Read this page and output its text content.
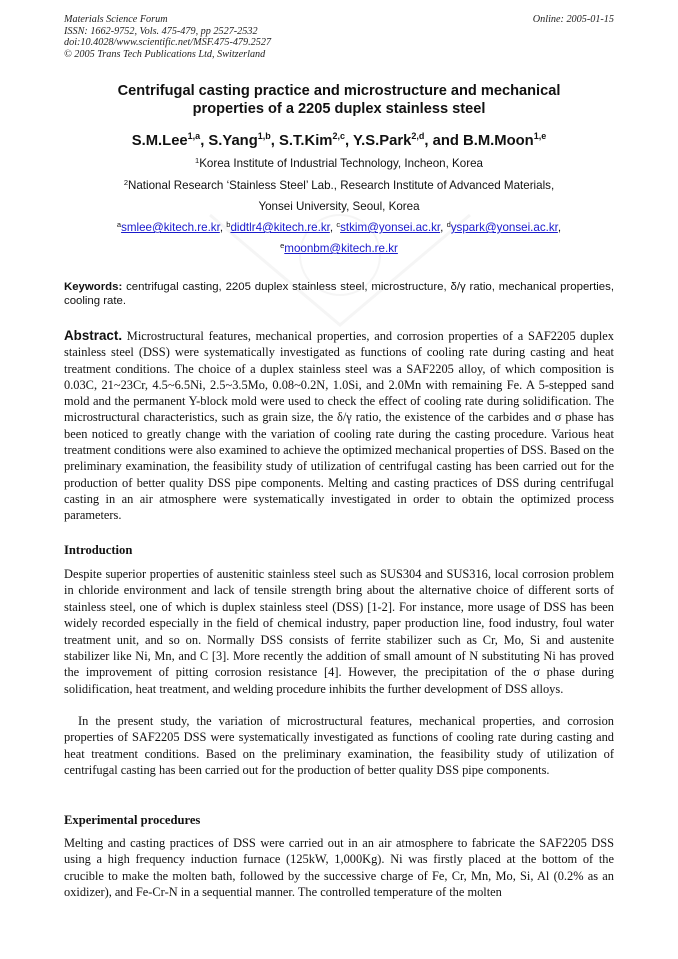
Materials Science Forum
ISSN: 1662-9752, Vols. 475-479, pp 2527-2532
doi:10.4028/www.scientific.net/MSF.475-479.2527
© 2005 Trans Tech Publications Ltd, Switzerland
Online: 2005-01-15
Centrifugal casting practice and microstructure and mechanical
properties of a 2205 duplex stainless steel
S.M.Lee$^{1,a}$, S.Yang$^{1,b}$, S.T.Kim$^{2,c}$, Y.S.Park$^{2,d}$, and B.M.Moon$^{1,e}$
$^1$Korea Institute of Industrial Technology, Incheon, Korea
$^2$National Research ‘Stainless Steel’ Lab., Research Institute of Advanced Materials,
Yonsei University, Seoul, Korea
$^a$smlee@kitech.re.kr, $^b$didtlr4@kitech.re.kr, $^c$stkim@yonsei.ac.kr, $^d$yspark@yonsei.ac.kr,
$^e$moonbm@kitech.re.kr
Keywords: centrifugal casting, 2205 duplex stainless steel, microstructure, δ/γ ratio, mechanical properties, cooling rate.
Abstract. Microstructural features, mechanical properties, and corrosion properties of a SAF2205 duplex stainless steel (DSS) were systematically investigated as functions of cooling rate during casting and heat treatment conditions. The choice of a duplex stainless steel was a SAF2205 alloy, of which composition is 0.03C, 21~23Cr, 4.5~6.5Ni, 2.5~3.5Mo, 0.08~0.2N, 1.0Si, and 2.0Mn with remaining Fe. A 5-stepped sand mold and the permanent Y-block mold were used to check the effect of cooling rate during solidification. The microstructural characteristics, such as grain size, the δ/γ ratio, the existence of the carbides and σ phase has been noticed to greatly change with the variation of cooling rate during the casting procedure. Various heat treatment conditions were also examined to achieve the optimized mechanical properties of DSS. Based on the preliminary examination, the feasibility study of utilization of centrifugal casting has been carried out for the production of better quality DSS pipe components. Melting and casting practices of DSS during centrifugal casting in an air atmosphere were systematically investigated in order to obtain the optimized process parameters.
Introduction
Despite superior properties of austenitic stainless steel such as SUS304 and SUS316, local corrosion problem in chloride environment and lack of tensile strength bring about the alternative choice of different sorts of stainless steel, one of which is duplex stainless steel (DSS) [1-2]. For instance, more usage of DSS has been widely recorded especially in the field of chemical industry, paper production line, food industry, foul water treatment unit, and so on. Normally DSS consists of ferrite stabilizer such as Cr, Mo, Si and austenite stabilizer like Ni, Mn, and C [3]. More recently the addition of small amount of N substituting Ni has proved the improvement of pitting corrosion resistance [4]. However, the precipitation of the σ phase during solidification, heat treatment, and welding procedure inhibits the further development of DSS alloys.
In the present study, the variation of microstructural features, mechanical properties, and corrosion properties of SAF2205 DSS were systematically investigated as functions of cooling rate during casting and heat treatment conditions. Based on the preliminary examination, the feasibility study of utilization of centrifugal casting has been carried out for the production of better quality DSS pipe components.
Experimental procedures
Melting and casting practices of DSS were carried out in an air atmosphere to fabricate the SAF2205 DSS using a high frequency induction furnace (125kW, 1,000Kg). Ni was firstly placed at the bottom of the crucible to make the molten bath, followed by the successive charge of Fe, Cr, Mn, Mo, Si, Al (0.2% as an oxidizer), and Fe-Cr-N in a sequential manner. The controlled temperature of the molten
